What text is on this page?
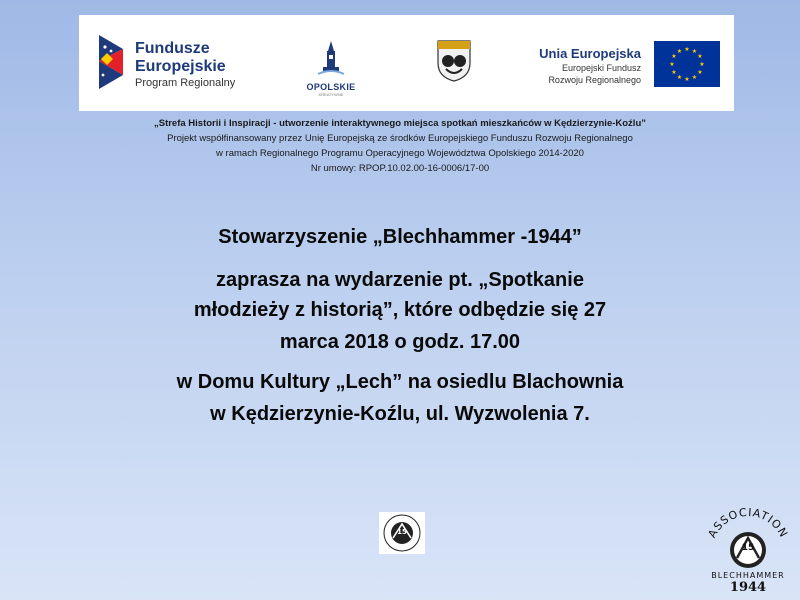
Fundusze
Europejskie
Program Regionalny	OPOLSKIE
KREATYWNE
Unia Europejska
Europejski Fundusz
Rozwoju Regionalnego
★ ★
★
★
★
★
★
★
★
★
★
★
„Strefa Historii i Inspiracji - utworzenie interaktywnego miejsca spotkań mieszkańców w Kędzierzynie-Koźlu”
Projekt współfinansowany przez Unię Europejską ze środków Europejskiego Funduszu Rozwoju Regionalnego
w ramach Regionalnego Programu Operacyjnego Województwa Opolskiego 2014-2020
Nr umowy: RPOP.10.02.00-16-0006/17-00
Stowarzyszenie „Blechhammer -1944”
zaprasza na wydarzenie pt. „Spotkanie
młodzieży z historią”, które odbędzie się 27
marca 2018 o godz. 17.00
w Domu Kultury „Lech” na osiedlu Blachownia
w Kędzierzynie-Koźlu, ul. Wyzwolenia 7.
15	ASSOCIATION
15
BLECHHAMMER
1944
